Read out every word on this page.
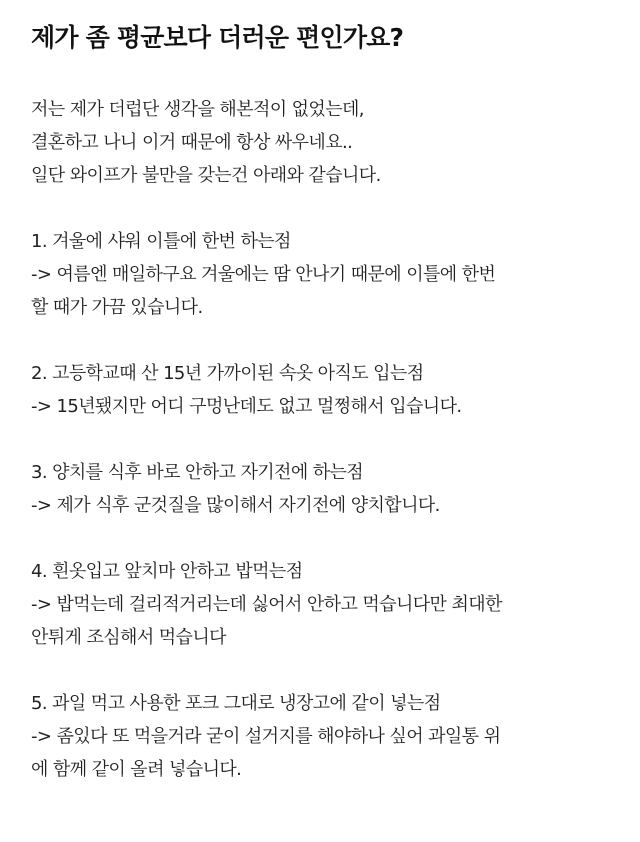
제가 좀 평균보다 더러운 편인가요?

저는 제가 더럽단 생각을 해본적이 없었는데,
결혼하고 나니 이거 때문에 항상 싸우네요..
일단 와이프가 불만을 갖는건 아래와 같습니다.

1. 겨울에 샤워 이틀에 한번 하는점
-> 여름엔 매일하구요 겨울에는 땀 안나기 때문에 이틀에 한번
할 때가 가끔 있습니다.

2. 고등학교때 산 15년 가까이된 속옷 아직도 입는점
-> 15년됐지만 어디 구멍난데도 없고 멀쩡해서 입습니다.

3. 양치를 식후 바로 안하고 자기전에 하는점
-> 제가 식후 군것질을 많이해서 자기전에 양치합니다.

4. 흰옷입고 앞치마 안하고 밥먹는점
-> 밥먹는데 걸리적거리는데 싫어서 안하고 먹습니다만 최대한
안튀게 조심해서 먹습니다

5. 과일 먹고 사용한 포크 그대로 냉장고에 같이 넣는점
-> 좀있다 또 먹을거라 굳이 설거지를 해야하나 싶어 과일통 위
에 함께 같이 올려 넣습니다.
